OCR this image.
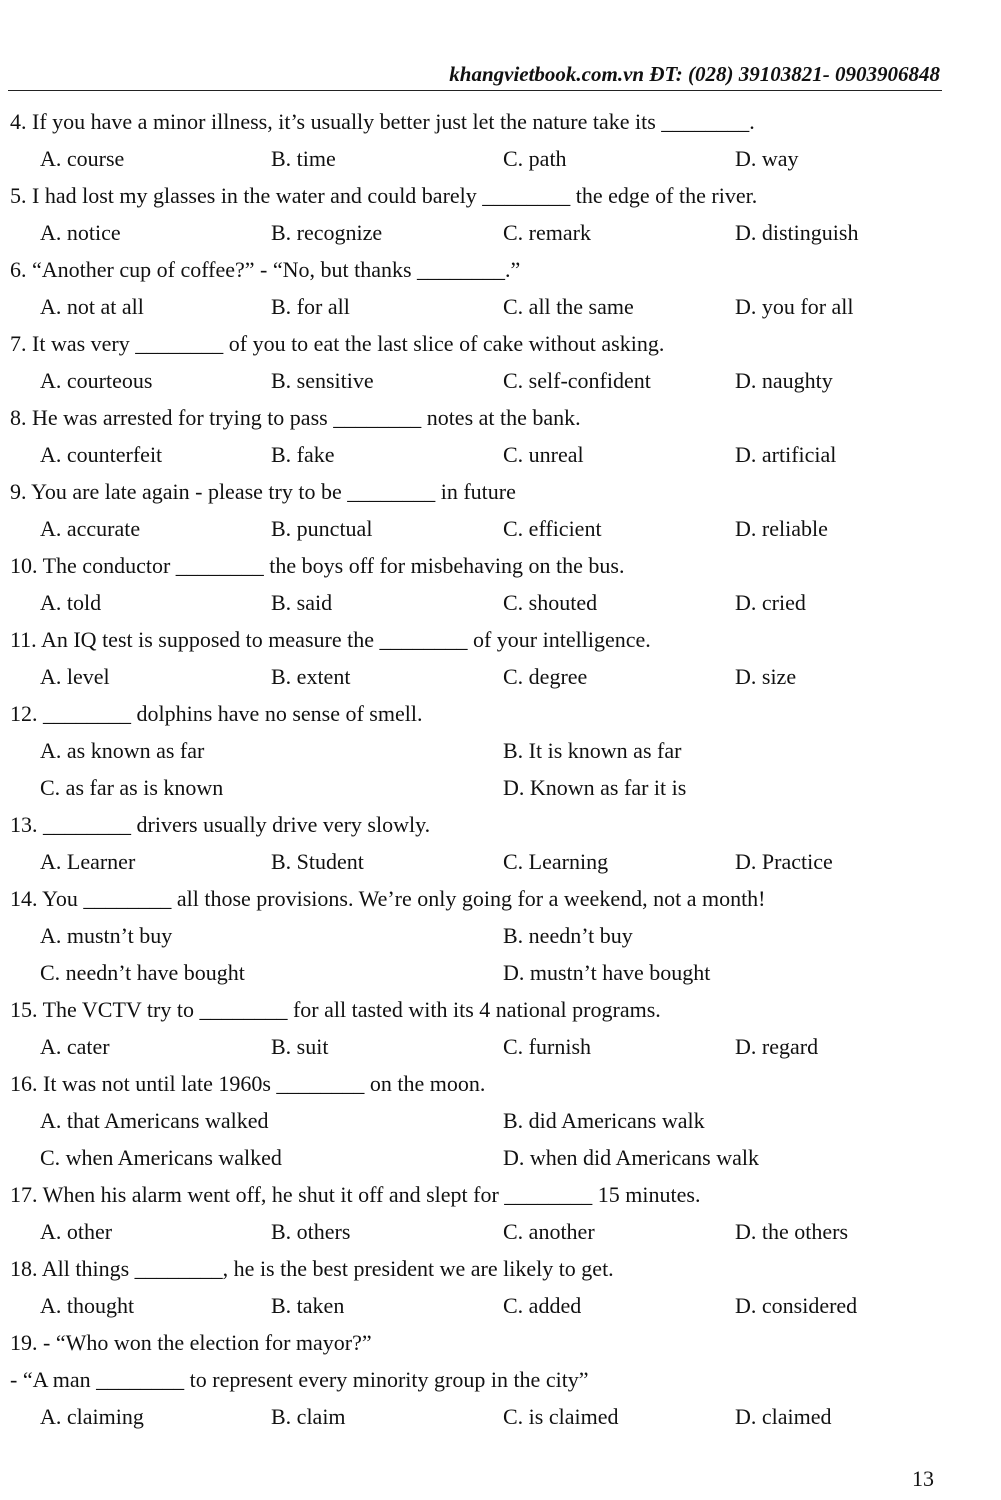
khangvietbook.com.vn ĐT: (028) 39103821- 0903906848
4. If you have a minor illness, it’s usually better just let the nature take its ________.
A. course	B. time	C. path	D. way
5. I had lost my glasses in the water and could barely ________ the edge of the river.
A. notice	B. recognize	C. remark	D. distinguish
6. “Another cup of coffee?” - “No, but thanks ________.”
A. not at all	B. for all	C. all the same	D. you for all
7. It was very ________ of you to eat the last slice of cake without asking.
A. courteous	B. sensitive	C. self-confident	D. naughty
8. He was arrested for trying to pass ________ notes at the bank.
A. counterfeit	B. fake	C. unreal	D. artificial
9. You are late again - please try to be ________ in future
A. accurate	B. punctual	C. efficient	D. reliable
10. The conductor ________ the boys off for misbehaving on the bus.
A. told	B. said	C. shouted	D. cried
11. An IQ test is supposed to measure the ________ of your intelligence.
A. level	B. extent	C. degree	D. size
12. ________ dolphins have no sense of smell.
A. as known as far	B. It is known as far
C. as far as is known	D. Known as far it is
13. ________ drivers usually drive very slowly.
A. Learner	B. Student	C. Learning	D. Practice
14. You ________ all those provisions. We’re only going for a weekend, not a month!
A. mustn’t buy	B. needn’t buy
C. needn’t have bought	D. mustn’t have bought
15. The VCTV try to ________ for all tasted with its 4 national programs.
A. cater	B. suit	C. furnish	D. regard
16. It was not until late 1960s ________ on the moon.
A. that Americans walked	B. did Americans walk
C. when Americans walked	D. when did Americans walk
17. When his alarm went off, he shut it off and slept for ________ 15 minutes.
A. other	B. others	C. another	D. the others
18. All things ________, he is the best president we are likely to get.
A. thought	B. taken	C. added	D. considered
19. - “Who won the election for mayor?”
- “A man ________ to represent every minority group in the city”
A. claiming	B. claim	C. is claimed	D. claimed
13
